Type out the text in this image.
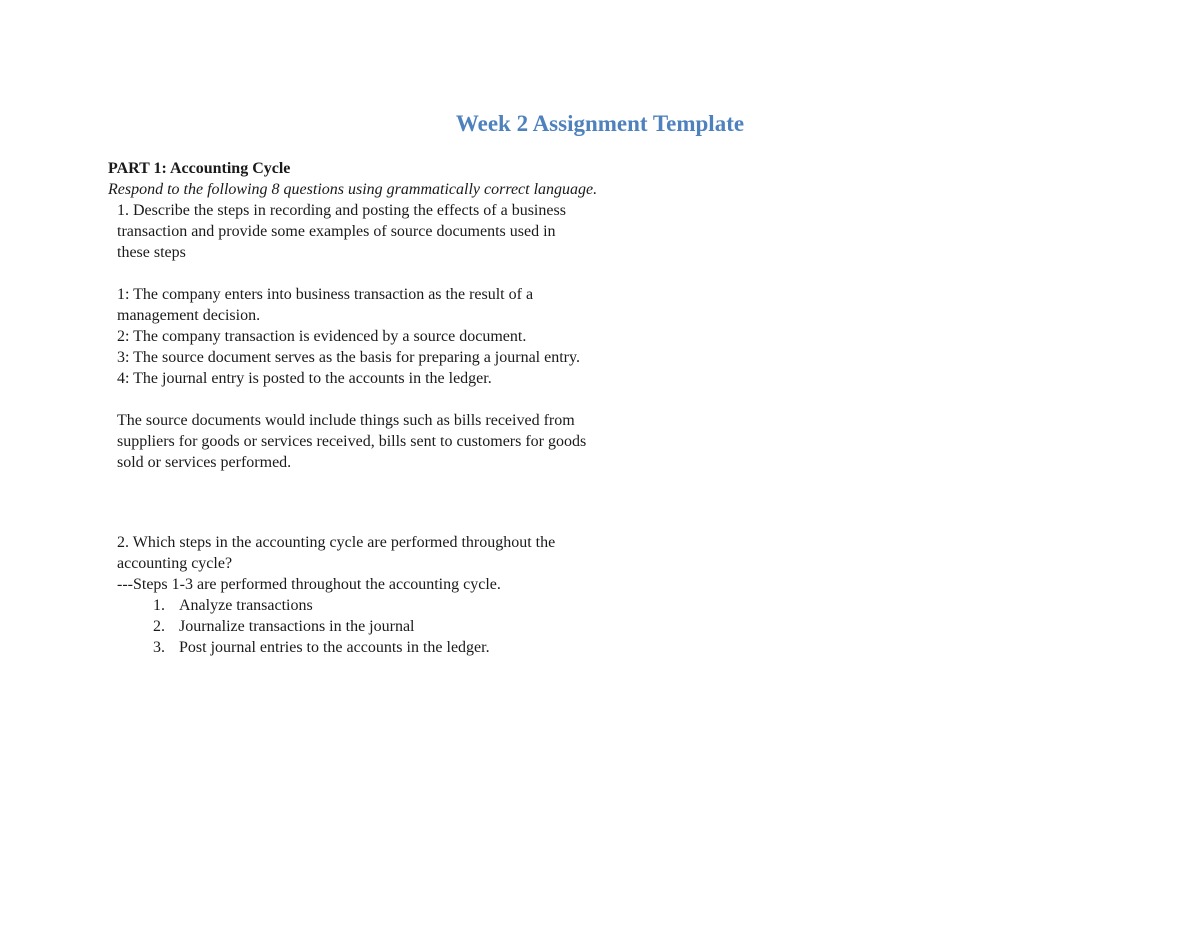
Week 2 Assignment Template

PART 1: Accounting Cycle

Respond to the following 8 questions using grammatically correct language.

1. Describe the steps in recording and posting the effects of a business transaction and provide some examples of source documents used in these steps

1: The company enters into business transaction as the result of a management decision.

2: The company transaction is evidenced by a source document.

3: The source document serves as the basis for preparing a journal entry.

4: The journal entry is posted to the accounts in the ledger.

The source documents would include things such as bills received from suppliers for goods or services received, bills sent to customers for goods sold or services performed.

2. Which steps in the accounting cycle are performed throughout the accounting cycle?

---Steps 1-3 are performed throughout the accounting cycle.

1. Analyze transactions
2. Journalize transactions in the journal
3. Post journal entries to the accounts in the ledger.
